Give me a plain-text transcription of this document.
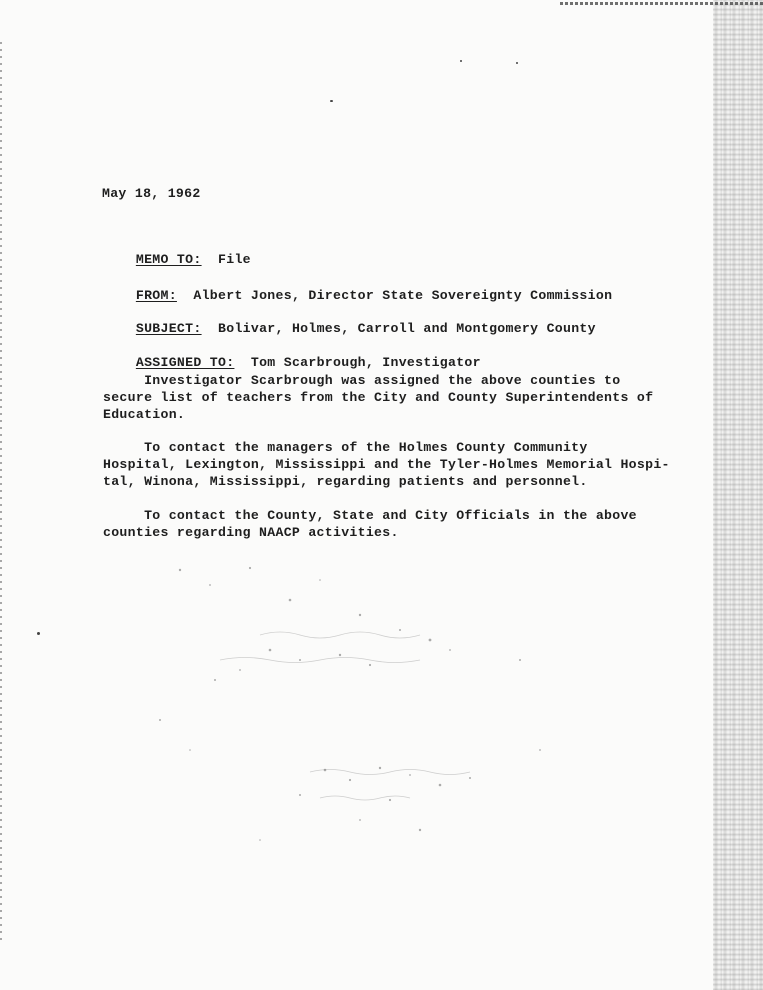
May 18, 1962

MEMO TO: File

FROM: Albert Jones, Director State Sovereignty Commission

SUBJECT: Bolivar, Holmes, Carroll and Montgomery County

ASSIGNED TO: Tom Scarbrough, Investigator

Investigator Scarbrough was assigned the above counties to
secure list of teachers from the City and County Superintendents of
Education.
To contact the managers of the Holmes County Community
Hospital, Lexington, Mississippi and the Tyler-Holmes Memorial Hospi-
tal, Winona, Mississippi, regarding patients and personnel.
To contact the County, State and City Officials in the above
counties regarding NAACP activities.
